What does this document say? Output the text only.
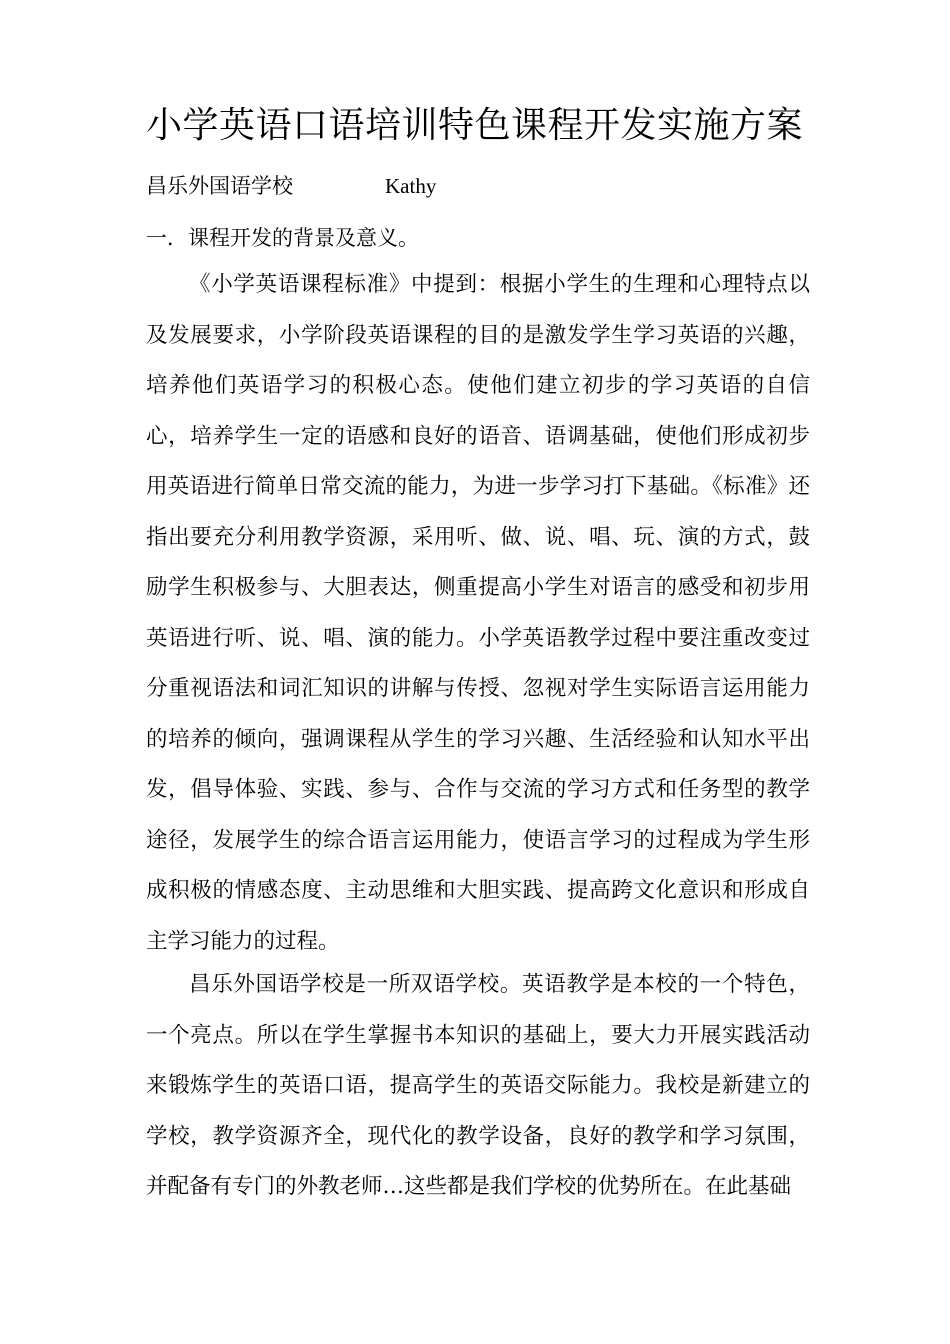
小学英语口语培训特色课程开发实施方案
昌乐外国语学校	Kathy
一．课程开发的背景及意义。

《小学英语课程标准》中提到：根据小学生的生理和心理特点以及发展要求，小学阶段英语课程的目的是激发学生学习英语的兴趣，培养他们英语学习的积极心态。使他们建立初步的学习英语的自信心，培养学生一定的语感和良好的语音、语调基础，使他们形成初步用英语进行简单日常交流的能力，为进一步学习打下基础。《标准》还指出要充分利用教学资源，采用听、做、说、唱、玩、演的方式，鼓励学生积极参与、大胆表达，侧重提高小学生对语言的感受和初步用英语进行听、说、唱、演的能力。小学英语教学过程中要注重改变过分重视语法和词汇知识的讲解与传授、忽视对学生实际语言运用能力的培养的倾向，强调课程从学生的学习兴趣、生活经验和认知水平出发，倡导体验、实践、参与、合作与交流的学习方式和任务型的教学途径，发展学生的综合语言运用能力，使语言学习的过程成为学生形成积极的情感态度、主动思维和大胆实践、提高跨文化意识和形成自主学习能力的过程。

昌乐外国语学校是一所双语学校。英语教学是本校的一个特色，一个亮点。所以在学生掌握书本知识的基础上，要大力开展实践活动来锻炼学生的英语口语，提高学生的英语交际能力。我校是新建立的学校，教学资源齐全，现代化的教学设备，良好的教学和学习氛围，并配备有专门的外教老师…这些都是我们学校的优势所在。在此基础
